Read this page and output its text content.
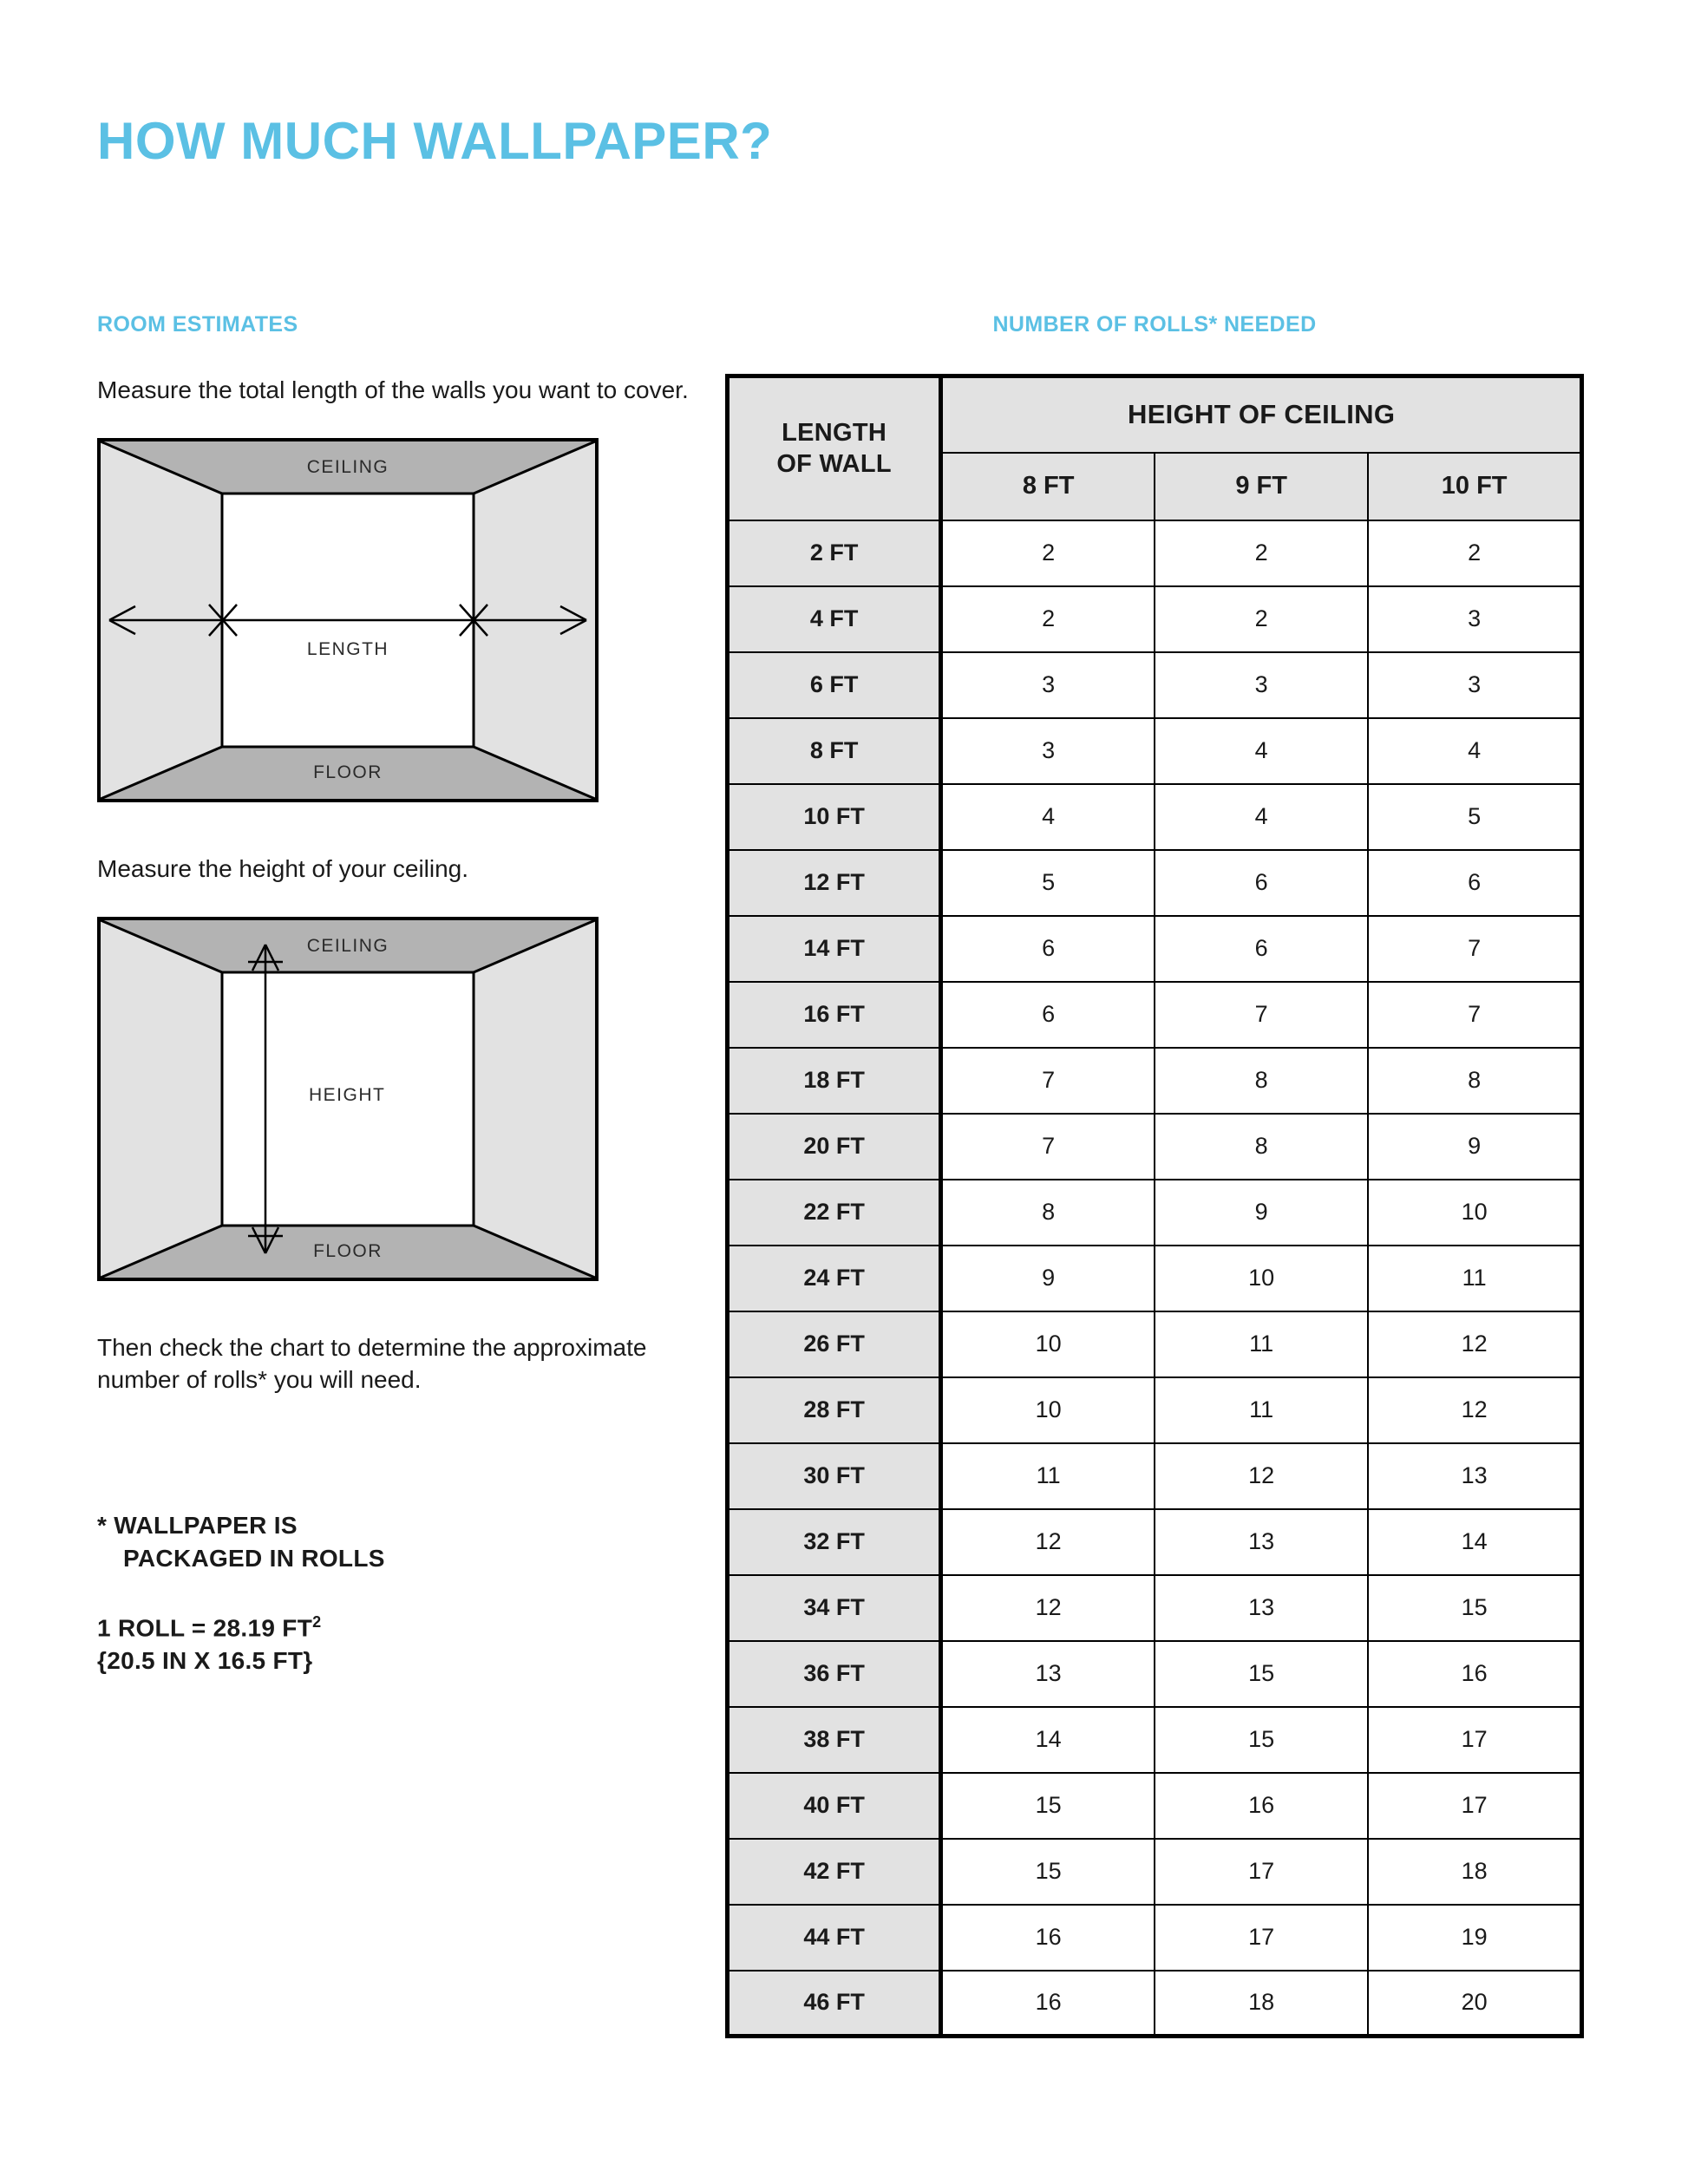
HOW MUCH WALLPAPER?
ROOM ESTIMATES

Measure the total length of the walls you want to cover.

CEILING
FLOOR
LENGTH

Measure the height of your ceiling.

CEILING
FLOOR
HEIGHT

Then check the chart to determine the approximate number of rolls* you will need.

* WALLPAPER IS
PACKAGED IN ROLLS
1 ROLL = 28.19 $FT^2$
{20.5 IN X 16.5 FT}
NUMBER OF ROLLS* NEEDED
LENGTH
OF WALL	HEIGHT OF CEILING		
	8 FT	9 FT	10 FT
2 FT	2	2	2
4 FT	2	2	3
6 FT	3	3	3
8 FT	3	4	4
10 FT	4	4	5
12 FT	5	6	6
14 FT	6	6	7
16 FT	6	7	7
18 FT	7	8	8
20 FT	7	8	9
22 FT	8	9	10
24 FT	9	10	11
26 FT	10	11	12
28 FT	10	11	12
30 FT	11	12	13
32 FT	12	13	14
34 FT	12	13	15
36 FT	13	15	16
38 FT	14	15	17
40 FT	15	16	17
42 FT	15	17	18
44 FT	16	17	19
46 FT	16	18	20
